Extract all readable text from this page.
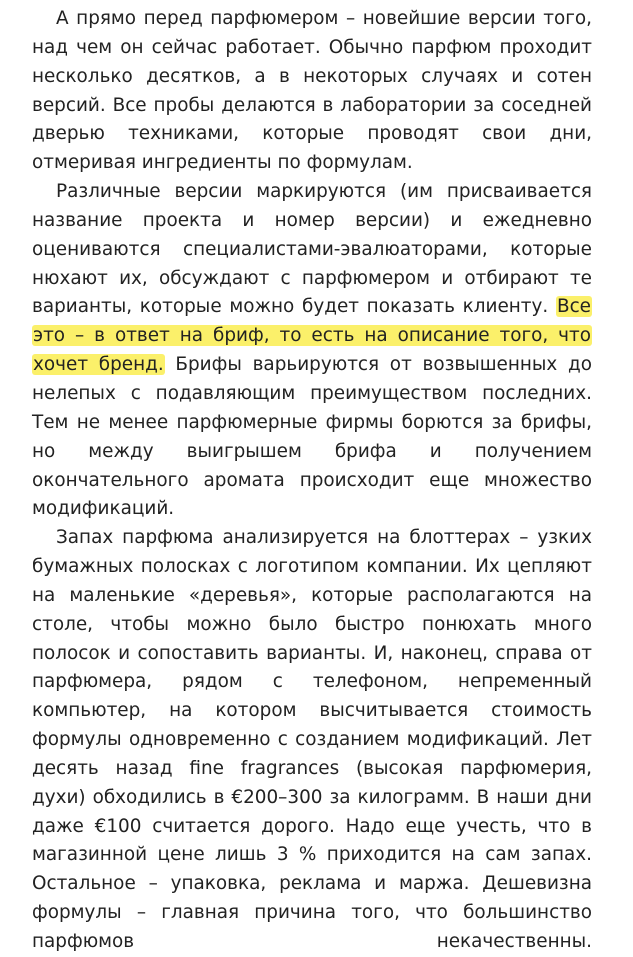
А прямо перед парфюмером – новейшие версии того, над чем он сейчас работает. Обычно парфюм проходит несколько десятков, а в некоторых случаях и сотен версий. Все пробы делаются в лаборатории за соседней дверью техниками, которые проводят свои дни, отмеривая ингредиенты по формулам.

Различные версии маркируются (им присваивается название проекта и номер версии) и ежедневно оцениваются специалистами-эвалюаторами, которые нюхают их, обсуждают с парфюмером и отбирают те варианты, которые можно будет показать клиенту. Все это – в ответ на бриф, то есть на описание того, что хочет бренд. Брифы варьируются от возвышенных до нелепых с подавляющим преимуществом последних. Тем не менее парфюмерные фирмы борются за брифы, но между выигрышем брифа и получением окончательного аромата происходит еще множество модификаций.

Запах парфюма анализируется на блоттерах – узких бумажных полосках с логотипом компании. Их цепляют на маленькие «деревья», которые располагаются на столе, чтобы можно было быстро понюхать много полосок и сопоставить варианты. И, наконец, справа от парфюмера, рядом с телефоном, непременный компьютер, на котором высчитывается стоимость формулы одновременно с созданием модификаций. Лет десять назад fine fragrances (высокая парфюмерия, духи) обходились в €200–300 за килограмм. В наши дни даже €100 считается дорого. Надо еще учесть, что в магазинной цене лишь 3 % приходится на сам запах. Остальное – упаковка, реклама и маржа. Дешевизна формулы – главная причина того, что большинство парфюмов некачественны.
